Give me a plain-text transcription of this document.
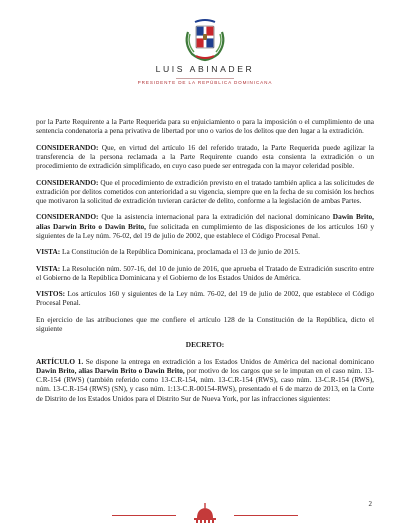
LUIS ABINADER
PRESIDENTE DE LA REPÚBLICA DOMINICANA

por la Parte Requirente a la Parte Requerida para su enjuiciamiento o para la imposición o el cumplimiento de una sentencia condenatoria a pena privativa de libertad por uno o varios de los delitos que den lugar a la extradición.

CONSIDERANDO: Que, en virtud del artículo 16 del referido tratado, la Parte Requerida puede agilizar la transferencia de la persona reclamada a la Parte Requirente cuando esta consienta la extradición o un procedimiento de extradición simplificado, en cuyo caso puede ser entregada con la mayor celeridad posible.

CONSIDERANDO: Que el procedimiento de extradición previsto en el tratado también aplica a las solicitudes de extradición por delitos cometidos con anterioridad a su vigencia, siempre que en la fecha de su comisión los hechos que motivaron la solicitud de extradición tuvieran carácter de delito, conforme a la legislación de ambas Partes.

CONSIDERANDO: Que la asistencia internacional para la extradición del nacional dominicano Dawin Brito, alias Darwin Brito o Dawin Brito, fue solicitada en cumplimiento de las disposiciones de los artículos 160 y siguientes de la Ley núm. 76-02, del 19 de julio de 2002, que establece el Código Procesal Penal.

VISTA: La Constitución de la República Dominicana, proclamada el 13 de junio de 2015.

VISTA: La Resolución núm. 507-16, del 10 de junio de 2016, que aprueba el Tratado de Extradición suscrito entre el Gobierno de la República Dominicana y el Gobierno de los Estados Unidos de América.

VISTOS: Los artículos 160 y siguientes de la Ley núm. 76-02, del 19 de julio de 2002, que establece el Código Procesal Penal.

En ejercicio de las atribuciones que me confiere el artículo 128 de la Constitución de la República, dicto el siguiente

DECRETO:

ARTÍCULO 1. Se dispone la entrega en extradición a los Estados Unidos de América del nacional dominicano Dawin Brito, alias Darwin Brito o Dawin Brito, por motivo de los cargos que se le imputan en el caso núm. 13-C.R-154 (RWS) (también referido como 13-C.R-154, núm. 13-C.R-154 (RWS), caso núm. 13-C.R-154 (RWS), núm. 13-C.R-154 (RWS) (SN), y caso núm. 1:13-C.R-00154-RWS), presentado el 6 de marzo de 2013, en la Corte de Distrito de los Estados Unidos para el Distrito Sur de Nueva York, por las infracciones siguientes:

2
